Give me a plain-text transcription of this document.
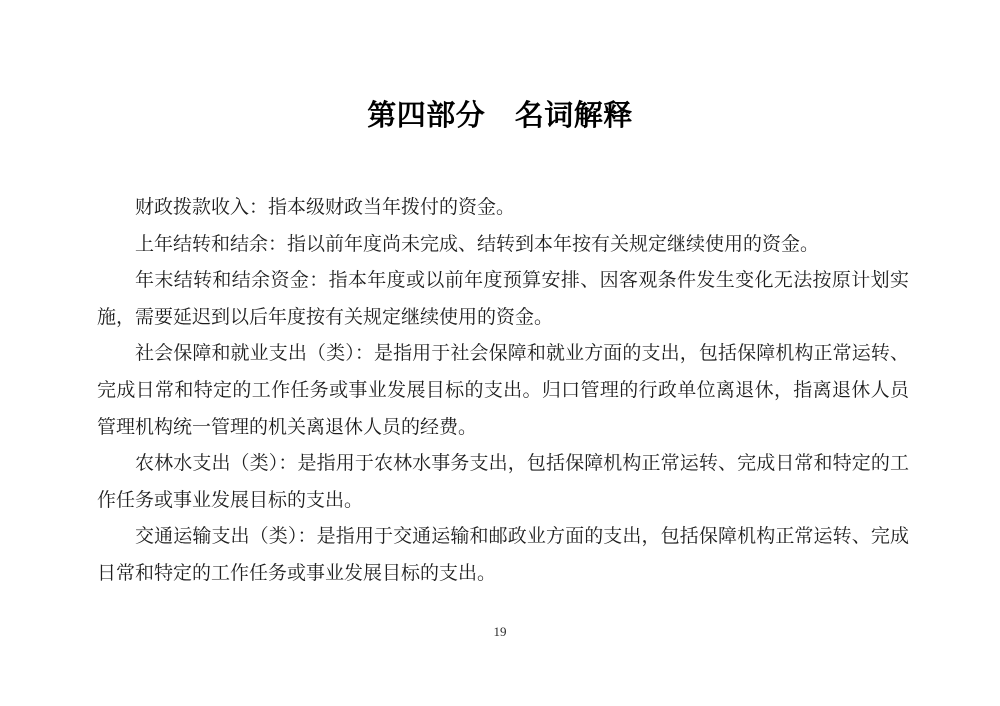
第四部分　名词解释

财政拨款收入：指本级财政当年拨付的资金。

上年结转和结余：指以前年度尚未完成、结转到本年按有关规定继续使用的资金。

年末结转和结余资金：指本年度或以前年度预算安排、因客观条件发生变化无法按原计划实施，需要延迟到以后年度按有关规定继续使用的资金。

社会保障和就业支出（类）：是指用于社会保障和就业方面的支出，包括保障机构正常运转、完成日常和特定的工作任务或事业发展目标的支出。归口管理的行政单位离退休，指离退休人员管理机构统一管理的机关离退休人员的经费。

农林水支出（类）：是指用于农林水事务支出，包括保障机构正常运转、完成日常和特定的工作任务或事业发展目标的支出。

交通运输支出（类）：是指用于交通运输和邮政业方面的支出，包括保障机构正常运转、完成日常和特定的工作任务或事业发展目标的支出。

19
